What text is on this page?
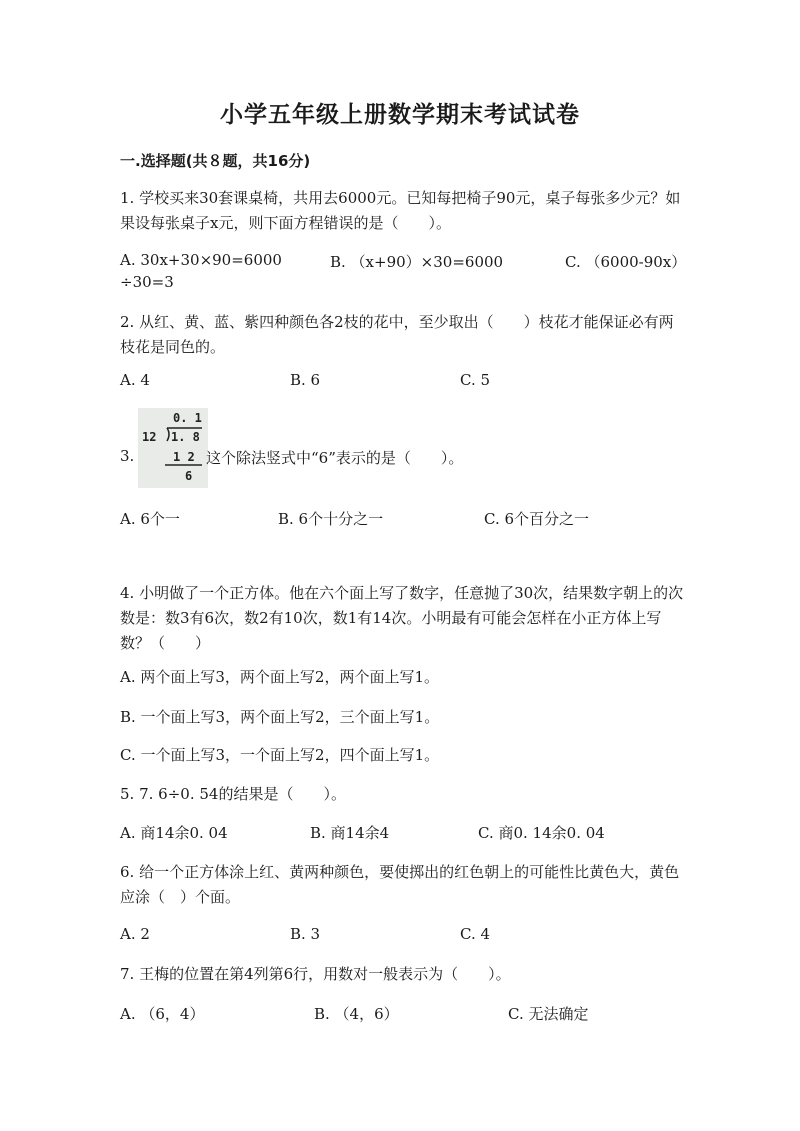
小学五年级上册数学期末考试试卷
一.选择题(共８题，共16分)

1. 学校买来30套课桌椅，共用去6000元。已知每把椅子90元，桌子每张多少元？如果设每张桌子x元，则下面方程错误的是（　　）。

A. 30x+30×90=6000	B. （x+90）×30=6000	C. （6000-90x）
÷30=3

2. 从红、黄、蓝、紫四种颜色各2枝的花中，至少取出（　　）枝花才能保证必有两枝花是同色的。

A. 4	B. 6	C. 5
3.
0. 1
12 1. 8
1 2
6
这个除法竖式中“6”表示的是（　　）。
A. 6个一	B. 6个十分之一	C. 6个百分之一

4. 小明做了一个正方体。他在六个面上写了数字，任意抛了30次，结果数字朝上的次数是：数3有6次，数2有10次，数1有14次。小明最有可能会怎样在小正方体上写数？（　　）

A. 两个面上写3，两个面上写2，两个面上写1。
B. 一个面上写3，两个面上写2，三个面上写1。
C. 一个面上写3，一个面上写2，四个面上写1。

5. 7. 6÷0. 54的结果是（　　）。

A. 商14余0. 04	B. 商14余4	C. 商0. 14余0. 04

6. 给一个正方体涂上红、黄两种颜色，要使掷出的红色朝上的可能性比黄色大，黄色应涂（　）个面。

A. 2	B. 3	C. 4

7. 王梅的位置在第4列第6行，用数对一般表示为（　　）。

A. （6，4）	B. （4，6）	C. 无法确定
